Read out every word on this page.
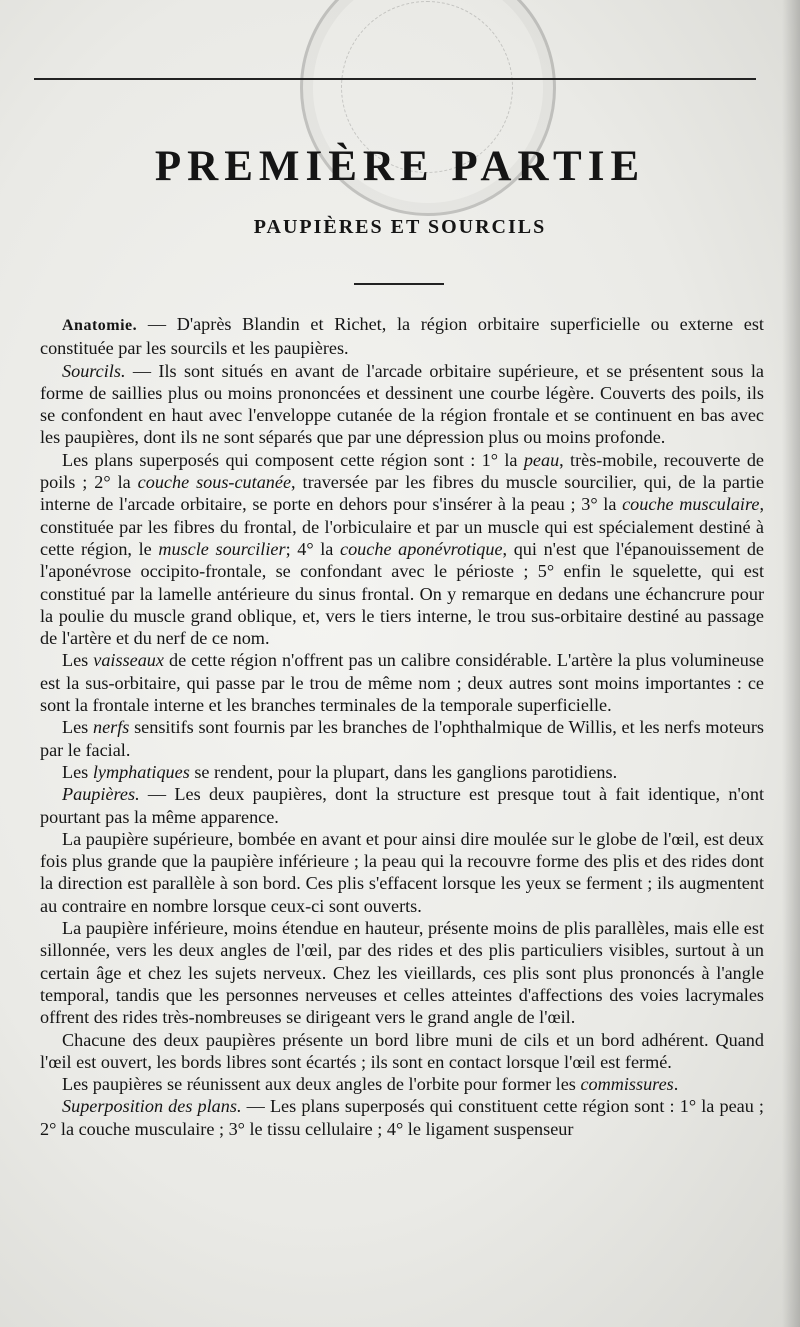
PREMIÈRE PARTIE
PAUPIÈRES ET SOURCILS

Anatomie. — D'après Blandin et Richet, la région orbitaire superficielle ou externe est constituée par les sourcils et les paupières.

Sourcils. — Ils sont situés en avant de l'arcade orbitaire supérieure, et se présentent sous la forme de saillies plus ou moins prononcées et dessinent une courbe légère. Couverts des poils, ils se confondent en haut avec l'enveloppe cutanée de la région frontale et se continuent en bas avec les paupières, dont ils ne sont séparés que par une dépression plus ou moins profonde.

Les plans superposés qui composent cette région sont : 1° la peau, très-mobile, recouverte de poils ; 2° la couche sous-cutanée, traversée par les fibres du muscle sourcilier, qui, de la partie interne de l'arcade orbitaire, se porte en dehors pour s'insérer à la peau ; 3° la couche musculaire, constituée par les fibres du frontal, de l'orbiculaire et par un muscle qui est spécialement destiné à cette région, le muscle sourcilier; 4° la couche aponévrotique, qui n'est que l'épanouissement de l'aponévrose occipito-frontale, se confondant avec le périoste ; 5° enfin le squelette, qui est constitué par la lamelle antérieure du sinus frontal. On y remarque en dedans une échancrure pour la poulie du muscle grand oblique, et, vers le tiers interne, le trou sus-orbitaire destiné au passage de l'artère et du nerf de ce nom.

Les vaisseaux de cette région n'offrent pas un calibre considérable. L'artère la plus volumineuse est la sus-orbitaire, qui passe par le trou de même nom ; deux autres sont moins importantes : ce sont la frontale interne et les branches terminales de la temporale superficielle.

Les nerfs sensitifs sont fournis par les branches de l'ophthalmique de Willis, et les nerfs moteurs par le facial.

Les lymphatiques se rendent, pour la plupart, dans les ganglions parotidiens.

Paupières. — Les deux paupières, dont la structure est presque tout à fait identique, n'ont pourtant pas la même apparence.

La paupière supérieure, bombée en avant et pour ainsi dire moulée sur le globe de l'œil, est deux fois plus grande que la paupière inférieure ; la peau qui la recouvre forme des plis et des rides dont la direction est parallèle à son bord. Ces plis s'effacent lorsque les yeux se ferment ; ils augmentent au contraire en nombre lorsque ceux-ci sont ouverts.

La paupière inférieure, moins étendue en hauteur, présente moins de plis parallèles, mais elle est sillonnée, vers les deux angles de l'œil, par des rides et des plis particuliers visibles, surtout à un certain âge et chez les sujets nerveux. Chez les vieillards, ces plis sont plus prononcés à l'angle temporal, tandis que les personnes nerveuses et celles atteintes d'affections des voies lacrymales offrent des rides très-nombreuses se dirigeant vers le grand angle de l'œil.

Chacune des deux paupières présente un bord libre muni de cils et un bord adhérent. Quand l'œil est ouvert, les bords libres sont écartés ; ils sont en contact lorsque l'œil est fermé.

Les paupières se réunissent aux deux angles de l'orbite pour former les commissures.

Superposition des plans. — Les plans superposés qui constituent cette région sont : 1° la peau ; 2° la couche musculaire ; 3° le tissu cellulaire ; 4° le ligament suspenseur
